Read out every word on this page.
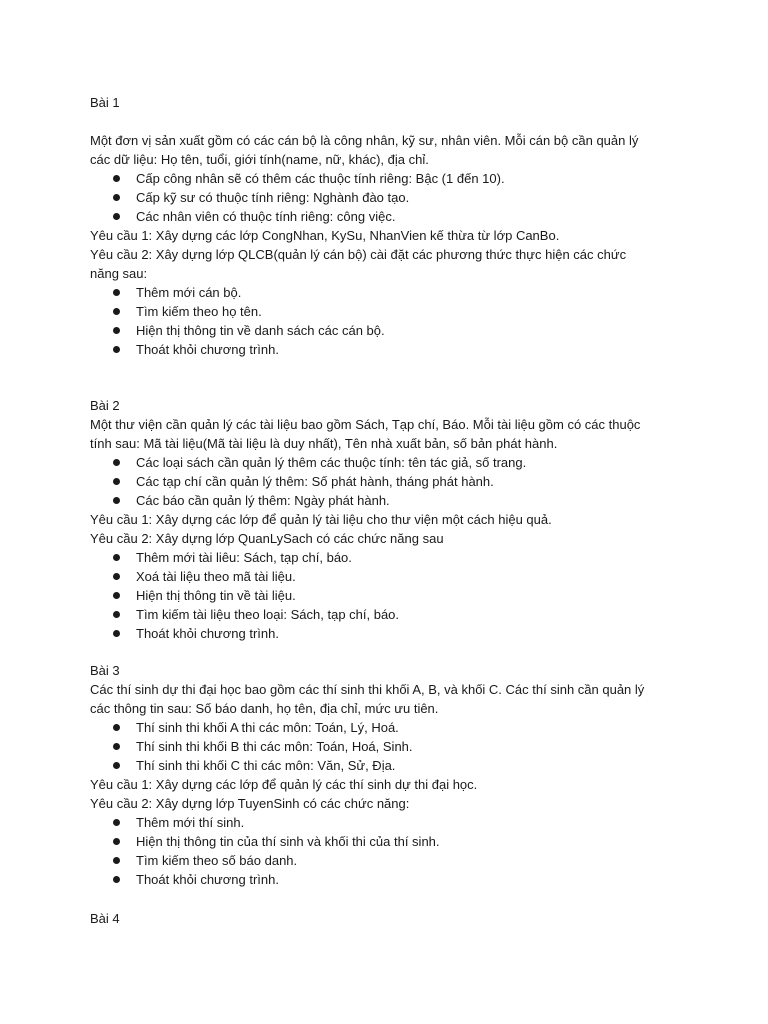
Bài 1

Một đơn vị sản xuất gồm có các cán bộ là công nhân, kỹ sư, nhân viên. Mỗi cán bộ cần quản lý

các dữ liệu: Họ tên, tuổi, giới tính(name, nữ, khác), địa chỉ.

Cấp công nhân sẽ có thêm các thuộc tính riêng: Bậc (1 đến 10).
Cấp kỹ sư có thuộc tính riêng: Nghành đào tạo.
Các nhân viên có thuộc tính riêng: công việc.

Yêu cầu 1: Xây dựng các lớp CongNhan, KySu, NhanVien kế thừa từ lớp CanBo.

Yêu cầu 2: Xây dựng lớp QLCB(quản lý cán bộ) cài đặt các phương thức thực hiện các chức

năng sau:

Thêm mới cán bộ.
Tìm kiếm theo họ tên.
Hiện thị thông tin về danh sách các cán bộ.
Thoát khỏi chương trình.
Bài 2

Một thư viện cần quản lý các tài liệu bao gồm Sách, Tạp chí, Báo. Mỗi tài liệu gồm có các thuộc

tính sau: Mã tài liệu(Mã tài liệu là duy nhất), Tên nhà xuất bản, số bản phát hành.

Các loại sách cần quản lý thêm các thuộc tính: tên tác giả, số trang.
Các tạp chí cần quản lý thêm: Số phát hành, tháng phát hành.
Các báo cần quản lý thêm: Ngày phát hành.

Yêu cầu 1: Xây dựng các lớp để quản lý tài liệu cho thư viện một cách hiệu quả.

Yêu cầu 2: Xây dựng lớp QuanLySach có các chức năng sau

Thêm mới tài liêu: Sách, tạp chí, báo.
Xoá tài liệu theo mã tài liệu.
Hiện thị thông tin về tài liệu.
Tìm kiếm tài liệu theo loại: Sách, tạp chí, báo.
Thoát khỏi chương trình.
Bài 3

Các thí sinh dự thi đại học bao gồm các thí sinh thi khối A, B, và khối C. Các thí sinh cần quản lý

các thông tin sau: Số báo danh, họ tên, địa chỉ, mức ưu tiên.

Thí sinh thi khối A thi các môn: Toán, Lý, Hoá.
Thí sinh thi khối B thi các môn: Toán, Hoá, Sinh.
Thí sinh thi khối C thi các môn: Văn, Sử, Địa.

Yêu cầu 1: Xây dựng các lớp để quản lý các thí sinh dự thi đại học.

Yêu cầu 2: Xây dựng lớp TuyenSinh có các chức năng:

Thêm mới thí sinh.
Hiện thị thông tin của thí sinh và khối thi của thí sinh.
Tìm kiếm theo số báo danh.
Thoát khỏi chương trình.
Bài 4
